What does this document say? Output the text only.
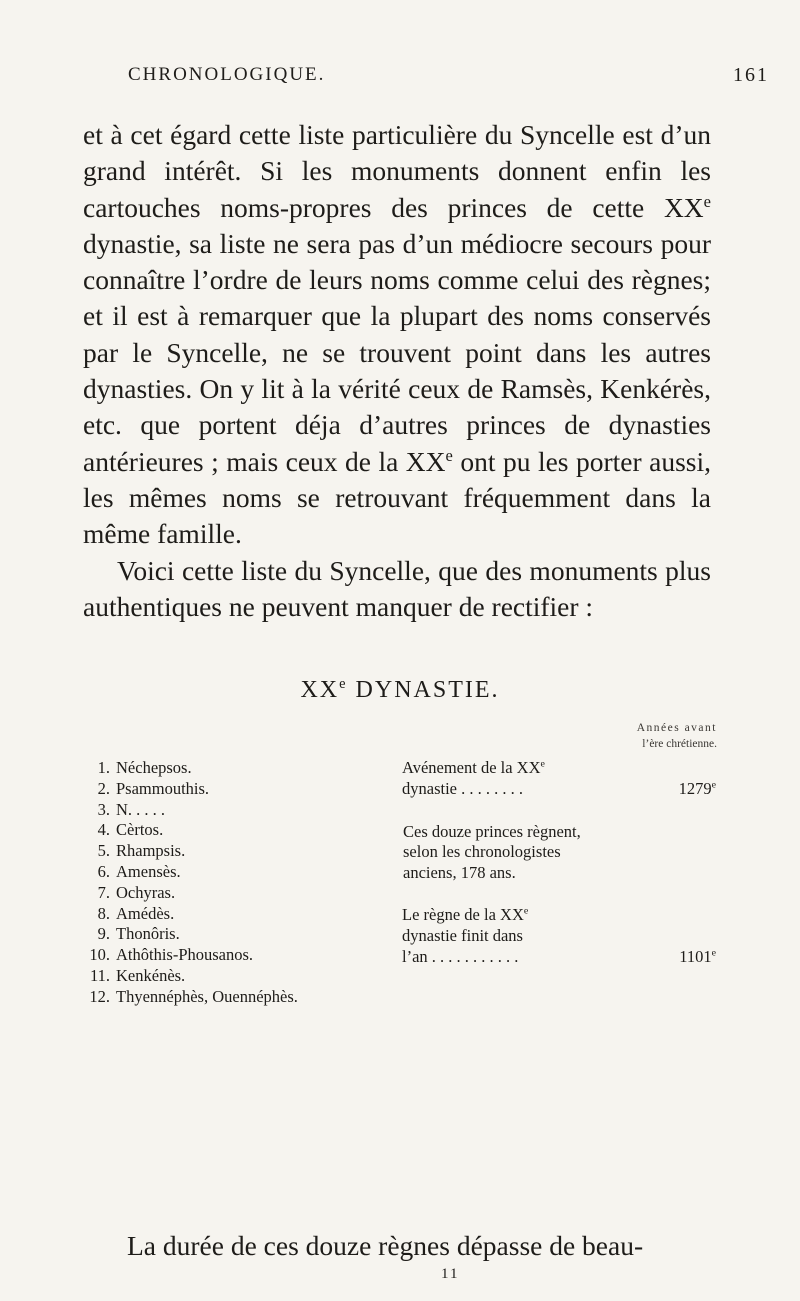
CHRONOLOGIQUE.	161

et à cet égard cette liste particulière du Syncelle est d’un grand intérêt. Si les monuments donnent enfin les cartouches noms-propres des princes de cette XXe dynastie, sa liste ne sera pas d’un médiocre secours pour connaître l’ordre de leurs noms comme celui des règnes; et il est à remarquer que la plupart des noms conservés par le Syncelle, ne se trouvent point dans les autres dynasties. On y lit à la vérité ceux de Ramsès, Kenkérès, etc. que portent déja d’autres princes de dynasties antérieures ; mais ceux de la XXe ont pu les porter aussi, les mêmes noms se retrouvant fréquemment dans la même famille.

Voici cette liste du Syncelle, que des monuments plus authentiques ne peuvent manquer de rectifier :

XXe DYNASTIE.
Années avant
l’ère chrétienne.
1. Néchepsos.
2. Psammouthis.
3. N. . . . .
4. Cèrtos.
5. Rhampsis.
6. Amensès.
7. Ochyras.
8. Amédès.
9. Thonôris.
10. Athôthis-Phousanos.
11. Kenkénès.
12. Thyennéphès, Ouennéphès.
Avénement de la XXe
dynastie . . . . . . . .	1279e
Ces douze princes règnent, selon les chronologistes anciens, 178 ans.
Le règne de la XXe
dynastie finit dans
l’an . . . . . . . . . . .	1101e
La durée de ces douze règnes dépasse de beau-
11
